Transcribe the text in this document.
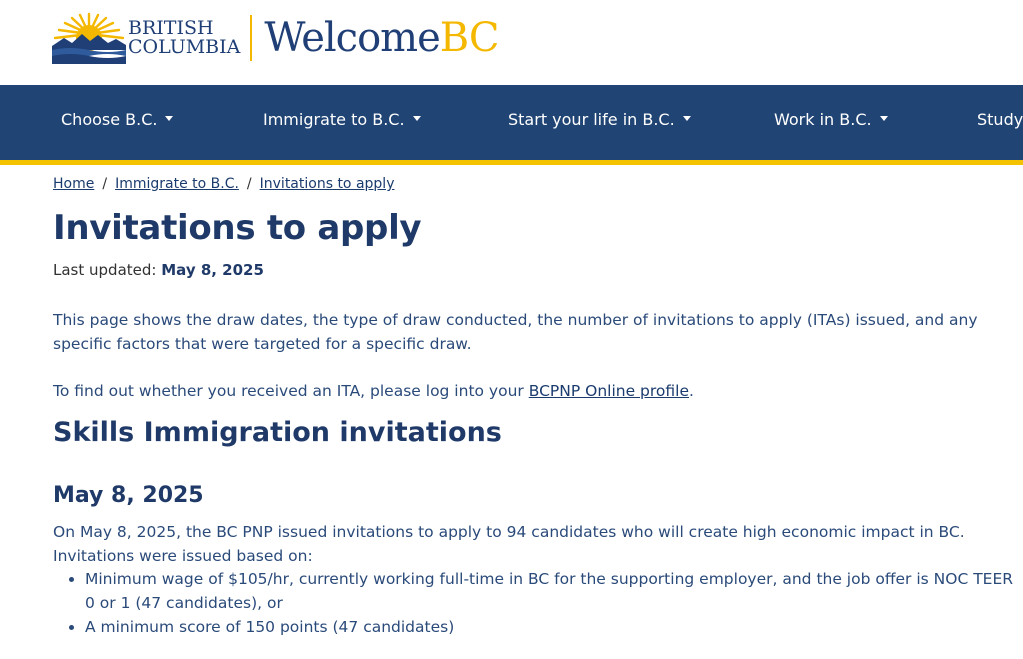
BRITISH
COLUMBIA WelcomeBC
Choose B.C.	Immigrate to B.C.	Start your life in B.C.	Work in B.C.	Study
Home / Immigrate to B.C. / Invitations to apply
Invitations to apply
Last updated: May 8, 2025

This page shows the draw dates, the type of draw conducted, the number of invitations to apply (ITAs) issued, and any specific factors that were targeted for a specific draw.

To find out whether you received an ITA, please log into your BCPNP Online profile.

Skills Immigration invitations
May 8, 2025

On May 8, 2025, the BC PNP issued invitations to apply to 94 candidates who will create high economic impact in BC. Invitations were issued based on:

• Minimum wage of $105/hr, currently working full-time in BC for the supporting employer, and the job offer is NOC TEER 0 or 1 (47 candidates), or
• A minimum score of 150 points (47 candidates)
